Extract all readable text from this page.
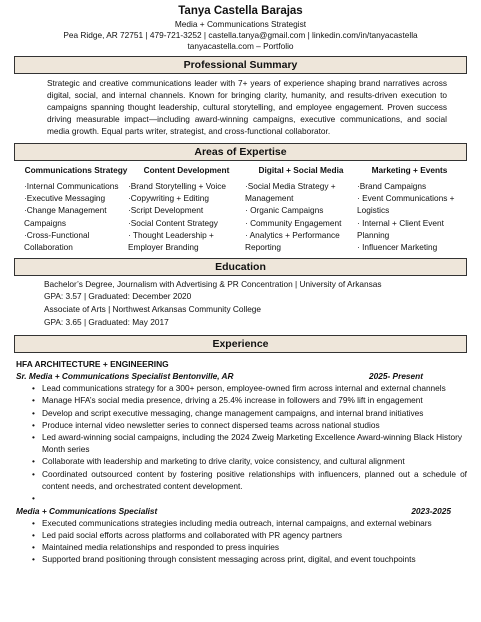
Tanya Castella Barajas
Media + Communications Strategist
Pea Ridge, AR 72751 | 479-721-3252 | castella.tanya@gmail.com | linkedin.com/in/tanyacastella
tanyacastella.com – Portfolio
Professional Summary
Strategic and creative communications leader with 7+ years of experience shaping brand narratives across digital, social, and internal channels. Known for bringing clarity, humanity, and results-driven execution to campaigns spanning thought leadership, cultural storytelling, and employee engagement. Proven success driving measurable impact—including award-winning campaigns, executive communications, and social media growth. Equal parts writer, strategist, and cross-functional collaborator.
Areas of Expertise
Communications Strategy
·Internal Communications
·Executive Messaging
·Change Management Campaigns
·Cross-Functional Collaboration
Content Development
·Brand Storytelling + Voice
·Copywriting + Editing
·Script Development
·Social Content Strategy
· Thought Leadership + Employer Branding
Digital + Social Media
·Social Media Strategy + Management
· Organic Campaigns
· Community Engagement
· Analytics + Performance Reporting
Marketing + Events
·Brand Campaigns
· Event Communications + Logistics
· Internal + Client Event Planning
· Influencer Marketing
Education
Bachelor’s Degree, Journalism with Advertising & PR Concentration | University of Arkansas
GPA: 3.57 | Graduated: December 2020
Associate of Arts | Northwest Arkansas Community College
GPA: 3.65 | Graduated: May 2017
Experience
HFA ARCHITECTURE + ENGINEERING
Sr. Media + Communications Specialist Bentonville, AR	2025- Present
• Lead communications strategy for a 300+ person, employee-owned firm across internal and external channels
• Manage HFA’s social media presence, driving a 25.4% increase in followers and 79% lift in engagement
• Develop and script executive messaging, change management campaigns, and internal brand initiatives
• Produce internal video newsletter series to connect dispersed teams across national studios
• Led award-winning social campaigns, including the 2024 Zweig Marketing Excellence Award-winning Black History Month series
• Collaborate with leadership and marketing to drive clarity, voice consistency, and cultural alignment
• Coordinated outsourced content by fostering positive relationships with influencers, planned out a schedule of content needs, and orchestrated content development.
•
Media + Communications Specialist	2023-2025
• Executed communications strategies including media outreach, internal campaigns, and external webinars
• Led paid social efforts across platforms and collaborated with PR agency partners
• Maintained media relationships and responded to press inquiries
• Supported brand positioning through consistent messaging across print, digital, and event touchpoints
